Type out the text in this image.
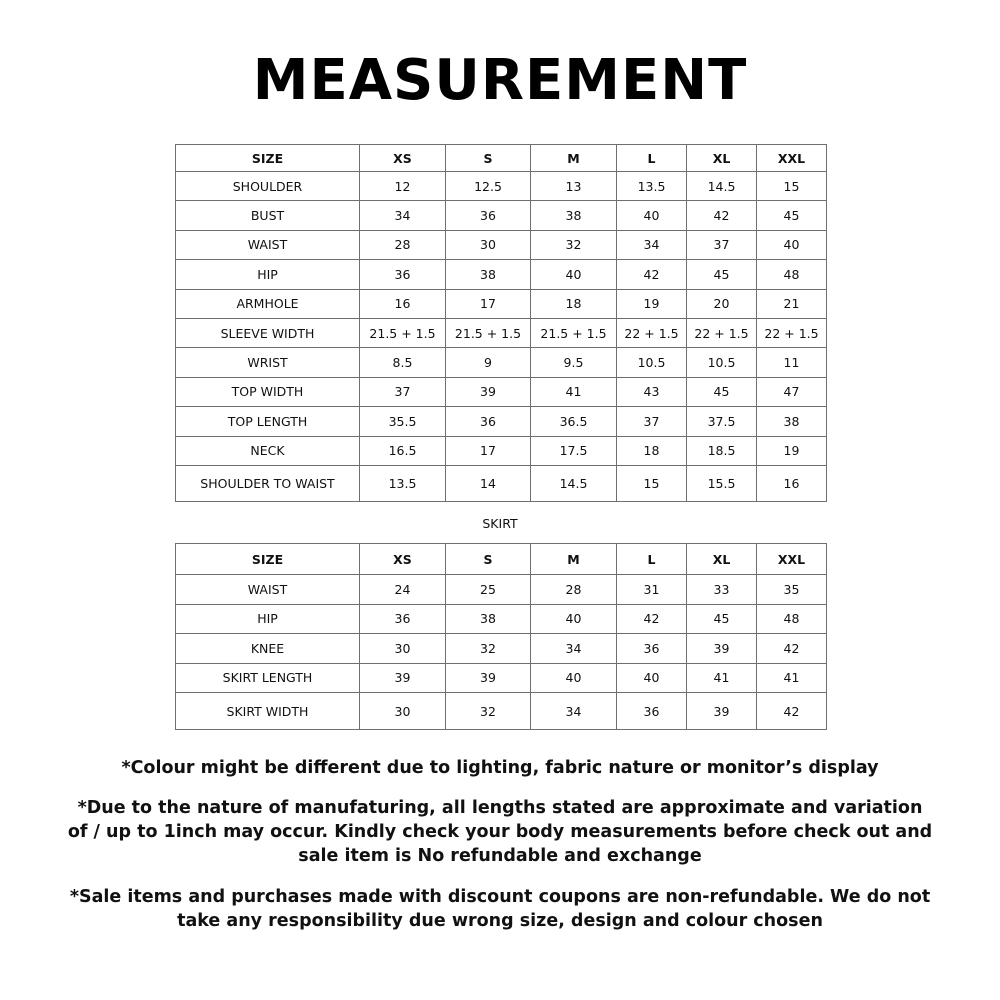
MEASUREMENT
SIZE	XS	S	M	L	XL	XXL
SHOULDER	12	12.5	13	13.5	14.5	15
BUST	34	36	38	40	42	45
WAIST	28	30	32	34	37	40
HIP	36	38	40	42	45	48
ARMHOLE	16	17	18	19	20	21
SLEEVE WIDTH	21.5 + 1.5	21.5 + 1.5	21.5 + 1.5	22 + 1.5	22 + 1.5	22 + 1.5
WRIST	8.5	9	9.5	10.5	10.5	11
TOP WIDTH	37	39	41	43	45	47
TOP LENGTH	35.5	36	36.5	37	37.5	38
NECK	16.5	17	17.5	18	18.5	19
SHOULDER TO WAIST	13.5	14	14.5	15	15.5	16
SKIRT
SIZE	XS	S	M	L	XL	XXL
WAIST	24	25	28	31	33	35
HIP	36	38	40	42	45	48
KNEE	30	32	34	36	39	42
SKIRT LENGTH	39	39	40	40	41	41
SKIRT WIDTH	30	32	34	36	39	42

*Colour might be different due to lighting, fabric nature or monitor’s display

*Due to the nature of manufaturing, all lengths stated are approximate and variation

of / up to 1inch may occur. Kindly check your body measurements before check out and

sale item is No refundable and exchange

*Sale items and purchases made with discount coupons are non-refundable. We do not

take any responsibility due wrong size, design and colour chosen
